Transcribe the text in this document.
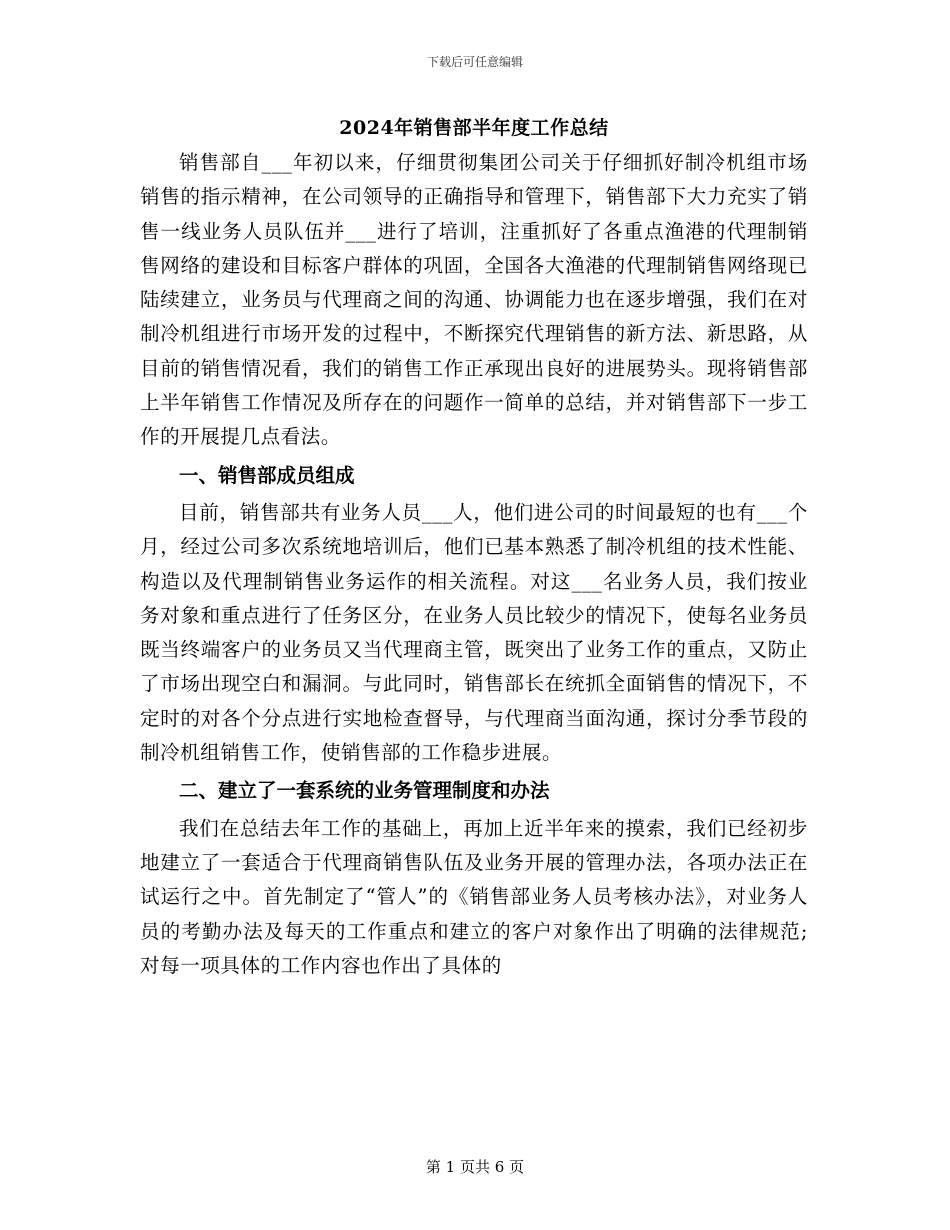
下载后可任意编辑
2024年销售部半年度工作总结

销售部自___年初以来，仔细贯彻集团公司关于仔细抓好制冷机组市场销售的指示精神，在公司领导的正确指导和管理下，销售部下大力充实了销售一线业务人员队伍并___进行了培训，注重抓好了各重点渔港的代理制销售网络的建设和目标客户群体的巩固，全国各大渔港的代理制销售网络现已陆续建立，业务员与代理商之间的沟通、协调能力也在逐步增强，我们在对制冷机组进行市场开发的过程中，不断探究代理销售的新方法、新思路，从目前的销售情况看，我们的销售工作正承现出良好的进展势头。现将销售部上半年销售工作情况及所存在的问题作一简单的总结，并对销售部下一步工作的开展提几点看法。

一、销售部成员组成

目前，销售部共有业务人员___人，他们进公司的时间最短的也有___个月，经过公司多次系统地培训后，他们已基本熟悉了制冷机组的技术性能、构造以及代理制销售业务运作的相关流程。对这___名业务人员，我们按业务对象和重点进行了任务区分，在业务人员比较少的情况下，使每名业务员既当终端客户的业务员又当代理商主管，既突出了业务工作的重点，又防止了市场出现空白和漏洞。与此同时，销售部长在统抓全面销售的情况下，不定时的对各个分点进行实地检查督导，与代理商当面沟通，探讨分季节段的制冷机组销售工作，使销售部的工作稳步进展。

二、建立了一套系统的业务管理制度和办法

我们在总结去年工作的基础上，再加上近半年来的摸索，我们已经初步地建立了一套适合于代理商销售队伍及业务开展的管理办法，各项办法正在试运行之中。首先制定了“管人”的《销售部业务人员考核办法》，对业务人员的考勤办法及每天的工作重点和建立的客户对象作出了明确的法律规范;对每一项具体的工作内容也作出了具体的

第 1 页共 6 页
